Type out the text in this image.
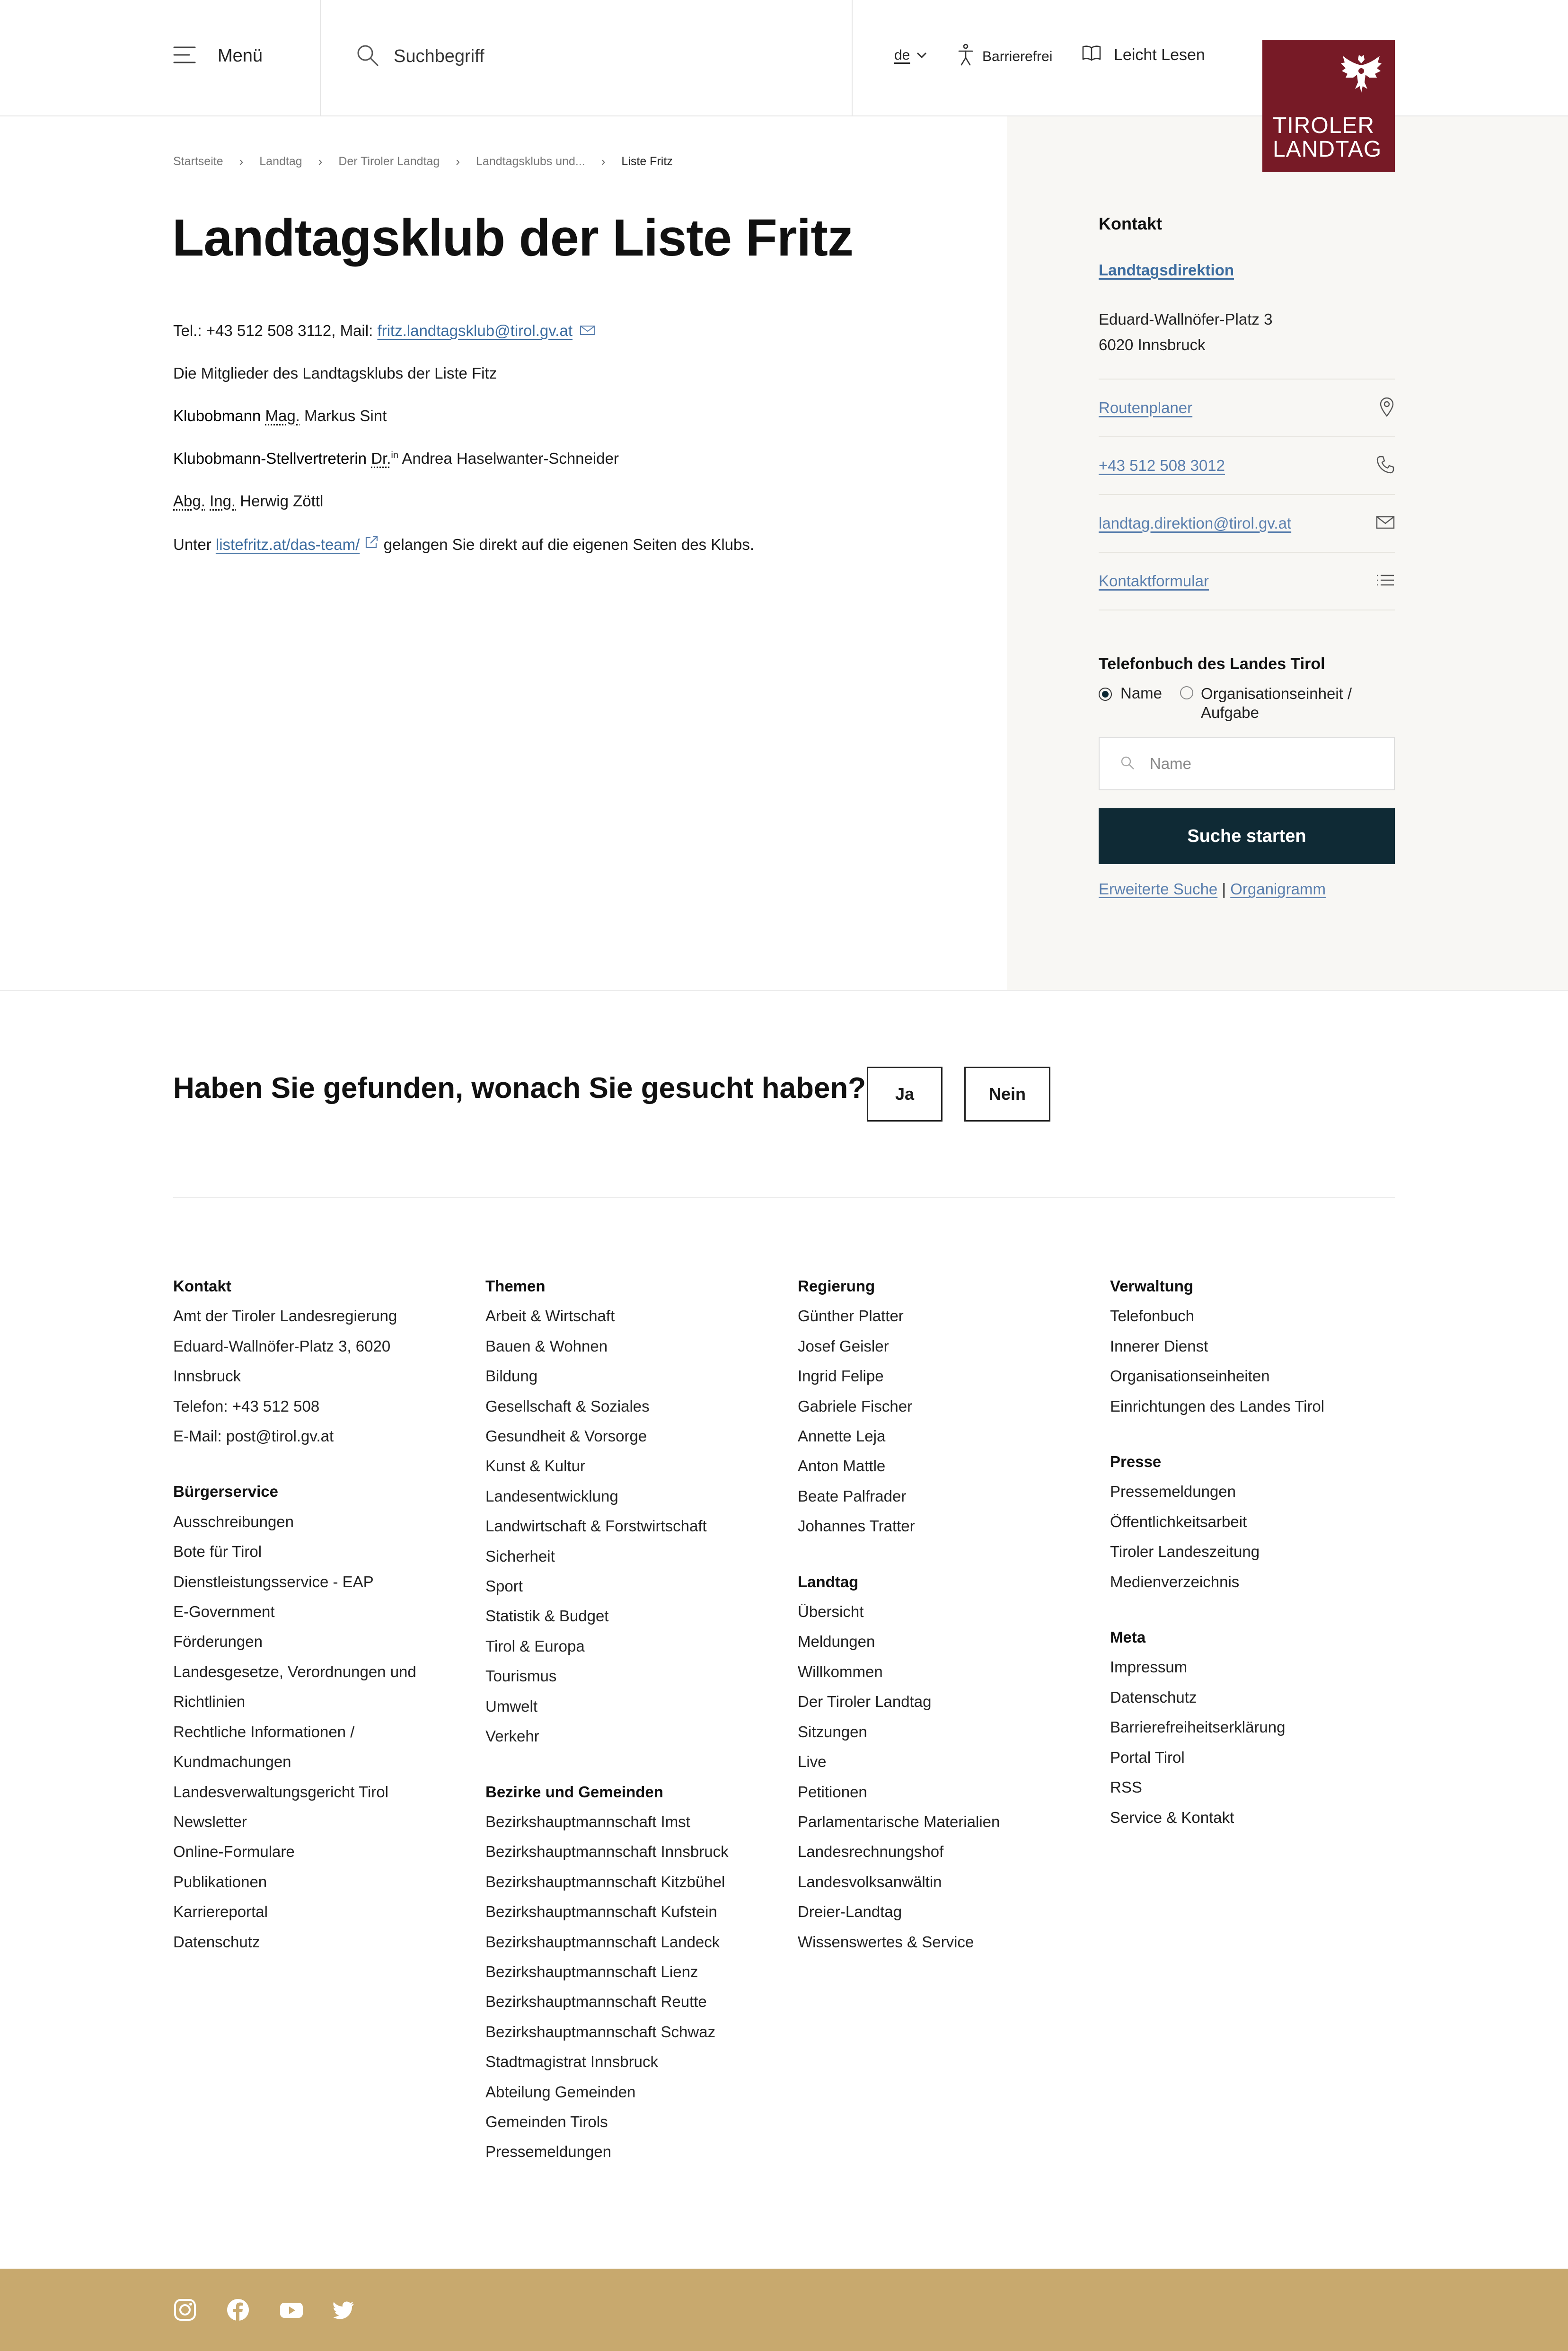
Menü	Suchbegriff	de	Barrierefrei	Leicht Lesen
TIROLER
LANDTAG
Startseite › Landtag › Der Tiroler Landtag › Landtagsklubs und... › Liste Fritz
Landtagsklub der Liste Fritz
Tel.: +43 512 508 3112, Mail: fritz.landtagsklub@tirol.gv.at
Die Mitglieder des Landtagsklubs der Liste Fitz
Klubobmann Mag. Markus Sint
Klubobmann-Stellvertreterin Dr.$^{in}$ Andrea Haselwanter-Schneider
Abg. Ing. Herwig Zöttl
Unter listefritz.at/das-team/  gelangen Sie direkt auf die eigenen Seiten des Klubs.
Kontakt
Landtagsdirektion
Eduard-Wallnöfer-Platz 3
6020 Innsbruck
Routenplaner
+43 512 508 3012
landtag.direktion@tirol.gv.at
Kontaktformular
Telefonbuch des Landes Tirol
Name Organisationseinheit /
Aufgabe
Name
Suche starten
Erweiterte Suche | Organigramm
Haben Sie gefunden, wonach Sie gesucht haben?	Ja	Nein
Kontakt
Amt der Tiroler Landesregierung
Eduard-Wallnöfer-Platz 3, 6020
Innsbruck
Telefon: +43 512 508
E-Mail: post@tirol.gv.at
Bürgerservice
Ausschreibungen
Bote für Tirol
Dienstleistungsservice - EAP
E-Government
Förderungen
Landesgesetze, Verordnungen und
Richtlinien
Rechtliche Informationen /
Kundmachungen
Landesverwaltungsgericht Tirol
Newsletter
Online-Formulare
Publikationen
Karriereportal
Datenschutz
Themen
Arbeit & Wirtschaft
Bauen & Wohnen
Bildung
Gesellschaft & Soziales
Gesundheit & Vorsorge
Kunst & Kultur
Landesentwicklung
Landwirtschaft & Forstwirtschaft
Sicherheit
Sport
Statistik & Budget
Tirol & Europa
Tourismus
Umwelt
Verkehr
Bezirke und Gemeinden
Bezirkshauptmannschaft Imst
Bezirkshauptmannschaft Innsbruck
Bezirkshauptmannschaft Kitzbühel
Bezirkshauptmannschaft Kufstein
Bezirkshauptmannschaft Landeck
Bezirkshauptmannschaft Lienz
Bezirkshauptmannschaft Reutte
Bezirkshauptmannschaft Schwaz
Stadtmagistrat Innsbruck
Abteilung Gemeinden
Gemeinden Tirols
Pressemeldungen
Regierung
Günther Platter
Josef Geisler
Ingrid Felipe
Gabriele Fischer
Annette Leja
Anton Mattle
Beate Palfrader
Johannes Tratter
Landtag
Übersicht
Meldungen
Willkommen
Der Tiroler Landtag
Sitzungen
Live
Petitionen
Parlamentarische Materialien
Landesrechnungshof
Landesvolksanwältin
Dreier-Landtag
Wissenswertes & Service
Verwaltung
Telefonbuch
Innerer Dienst
Organisationseinheiten
Einrichtungen des Landes Tirol
Presse
Pressemeldungen
Öffentlichkeitsarbeit
Tiroler Landeszeitung
Medienverzeichnis
Meta
Impressum
Datenschutz
Barrierefreiheitserklärung
Portal Tirol
RSS
Service & Kontakt
